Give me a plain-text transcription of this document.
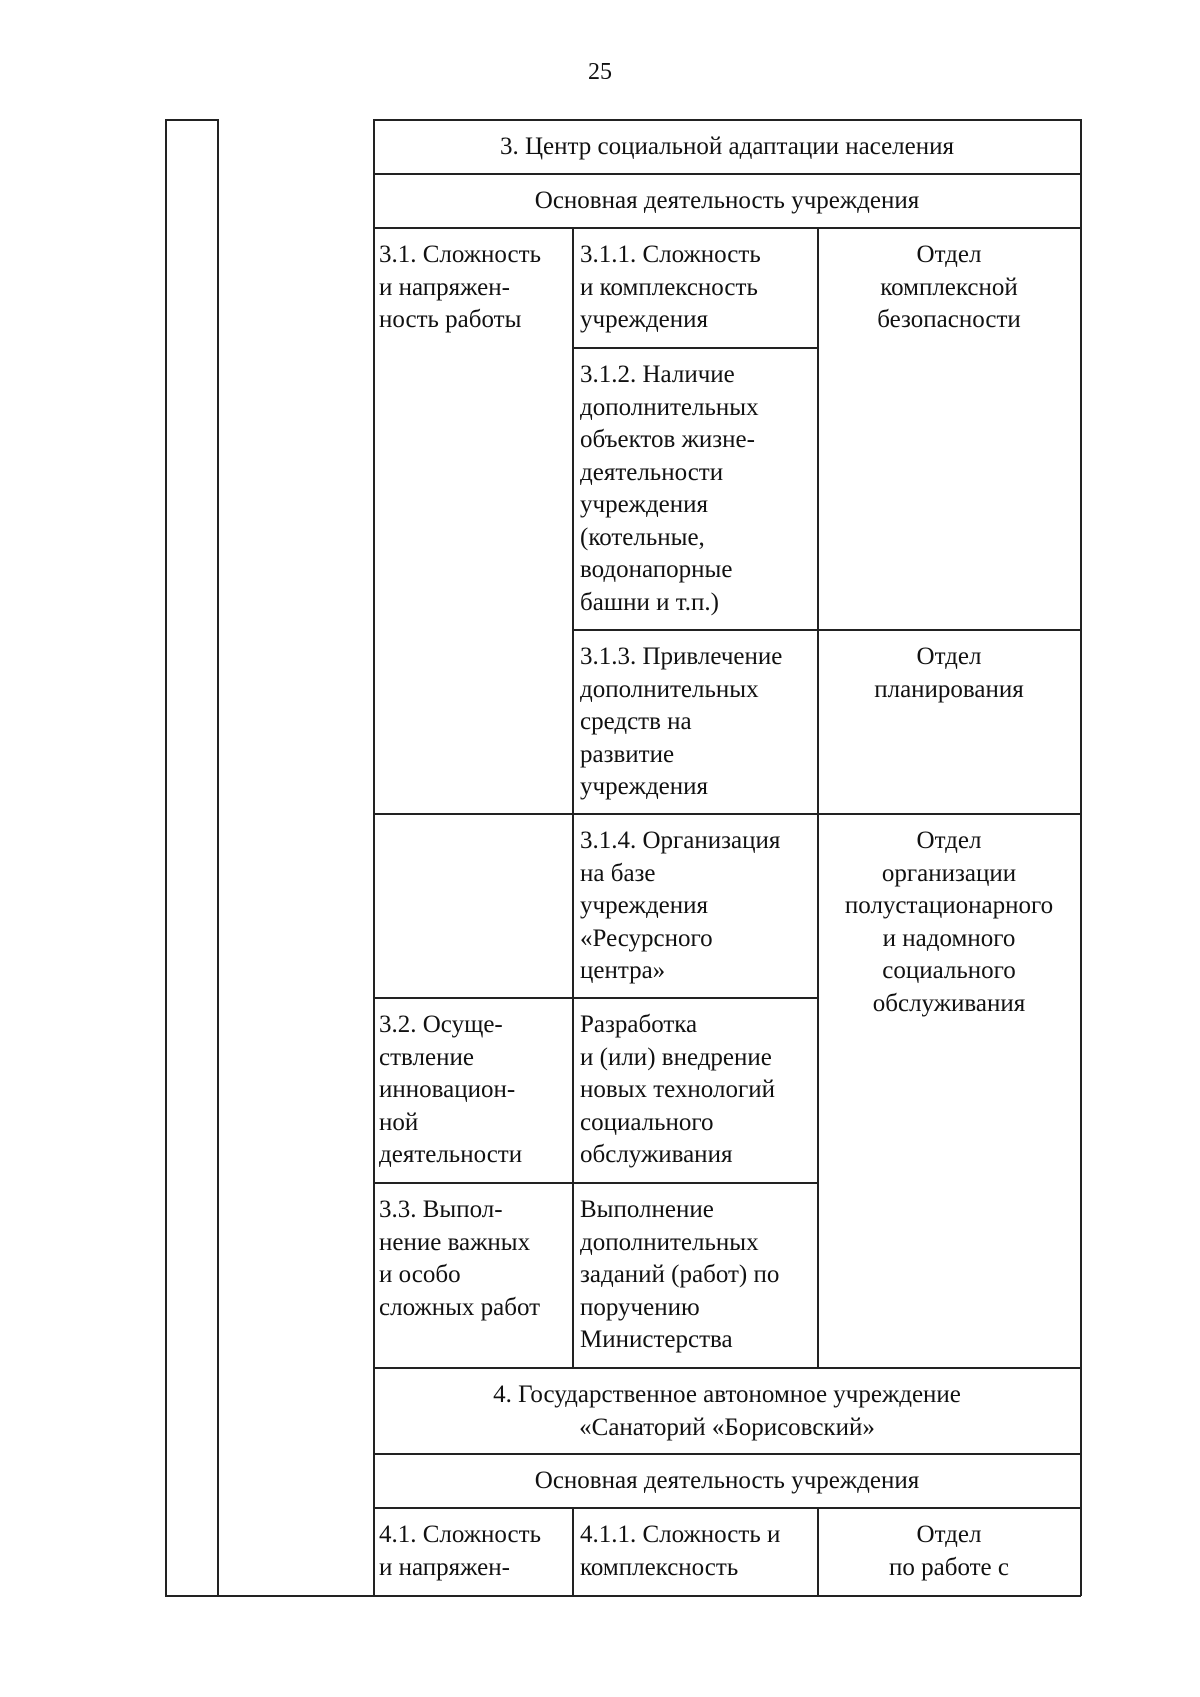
25
3. Центр социальной адаптации населения
Основная деятельность учреждения
3.1. Сложность
и напряжен-
ность работы
3.1.1. Сложность
и комплексность
учреждения
Отдел
комплексной
безопасности
3.1.2. Наличие
дополнительных
объектов жизне-
деятельности
учреждения
(котельные,
водонапорные
башни и т.п.)
3.1.3. Привлечение
дополнительных
средств на
развитие
учреждения
Отдел
планирования
3.1.4. Организация
на базе
учреждения
«Ресурсного
центра»
Отдел
организации
полустационарного
и надомного
социального
обслуживания
3.2. Осуще-
ствление
инновацион-
ной
деятельности
Разработка
и (или) внедрение
новых технологий
социального
обслуживания
3.3. Выпол-
нение важных
и особо
сложных работ
Выполнение
дополнительных
заданий (работ) по
поручению
Министерства
4. Государственное автономное учреждение
«Санаторий «Борисовский»
Основная деятельность учреждения
4.1. Сложность
и напряжен-
4.1.1. Сложность и
комплексность
Отдел
по работе с
